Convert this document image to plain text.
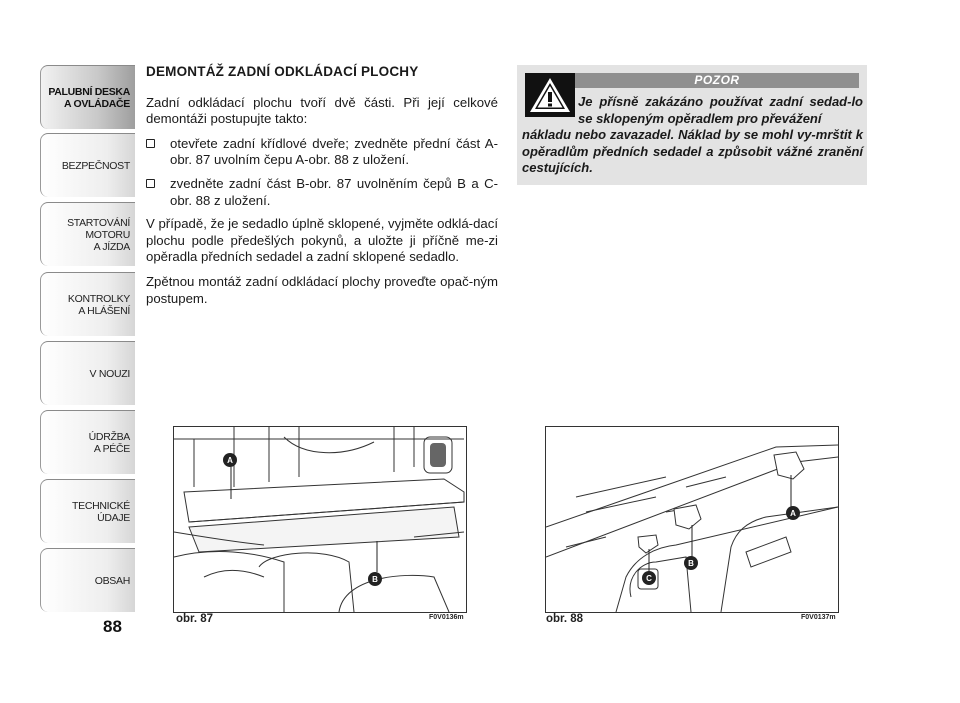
PALUBNÍ DESKA
A OVLÁDAČE
BEZPEČNOST
STARTOVÁNÍ
MOTORU
A JÍZDA
KONTROLKY
A HLÁŠENÍ
V NOUZI
ÚDRŽBA
A PÉČE
TECHNICKÉ
ÚDAJE
OBSAH
88
DEMONTÁŽ ZADNÍ ODKLÁDACÍ PLOCHY

Zadní odkládací plochu tvoří dvě části. Při její celkové demontáži postupujte takto:

otevřete zadní křídlové dveře; zvedněte přední část A-obr. 87 uvolním čepu A-obr. 88 z uložení.
zvedněte zadní část B-obr. 87 uvolněním čepů B a C-obr. 88 z uložení.

V případě, že je sedadlo úplně sklopené, vyjměte odklá-dací plochu podle předešlých pokynů, a uložte ji příčně me-zi opěradla předních sedadel a zadní sklopené sedadlo.

Zpětnou montáž zadní odkládací plochy proveďte opač-ným postupem.

POZOR
Je přísně zakázáno používat zadní sedad-lo se sklopeným opěradlem pro převážení
nákladu nebo zavazadel. Náklad by se mohl vy-mrštit k opěradlům předních sedadel a způsobit vážné zranění cestujících.
A
B
obr. 87	F0V0136m
A
B
C
obr. 88	F0V0137m
